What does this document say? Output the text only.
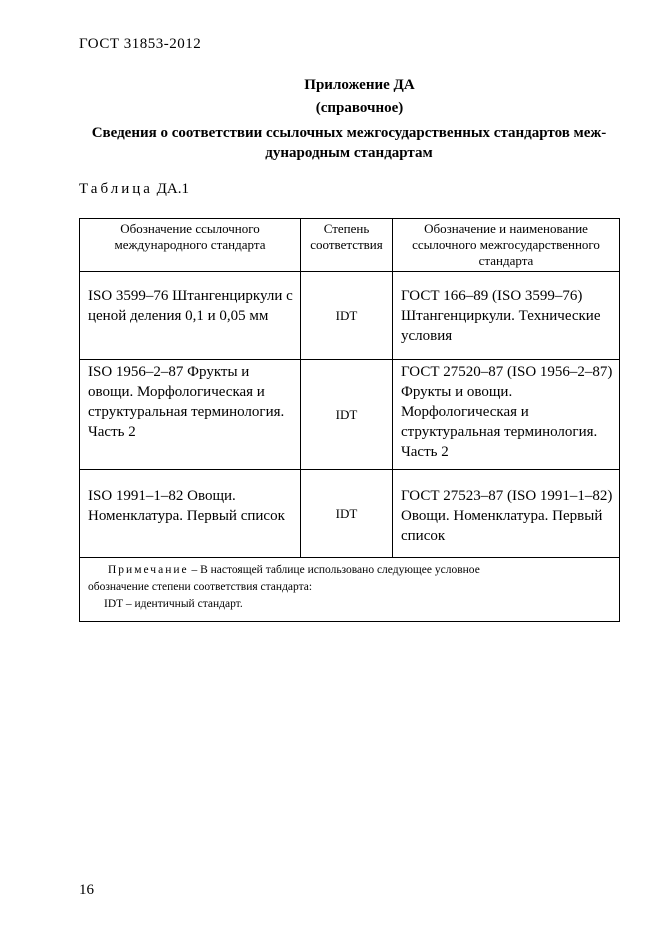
ГОСТ 31853-2012
Приложение ДА
(справочное)
Сведения о соответствии ссылочных межгосударственных стандартов меж-дународным стандартам
Таблица ДА.1
Обозначение ссылочного международного стандарта	Степень соответствия	Обозначение и наименование ссылочного межгосударственного стандарта
ISO 3599–76 Штангенциркули с ценой деления 0,1 и 0,05 мм	IDT	ГОСТ 166–89 (ISO 3599–76) Штангенциркули. Технические условия
ISO 1956–2–87 Фрукты и овощи. Морфологическая и структуральная терминология. Часть 2	IDT	ГОСТ 27520–87 (ISO 1956–2–87) Фрукты и овощи. Морфологическая и структуральная терминология. Часть 2
ISO 1991–1–82 Овощи. Номенклатура. Первый список	IDT	ГОСТ 27523–87 (ISO 1991–1–82) Овощи. Номенклатура. Первый список

Примечание – В настоящей таблице использовано следующее условное
обозначение степени соответствия стандарта:
IDT – идентичный стандарт.		
16
